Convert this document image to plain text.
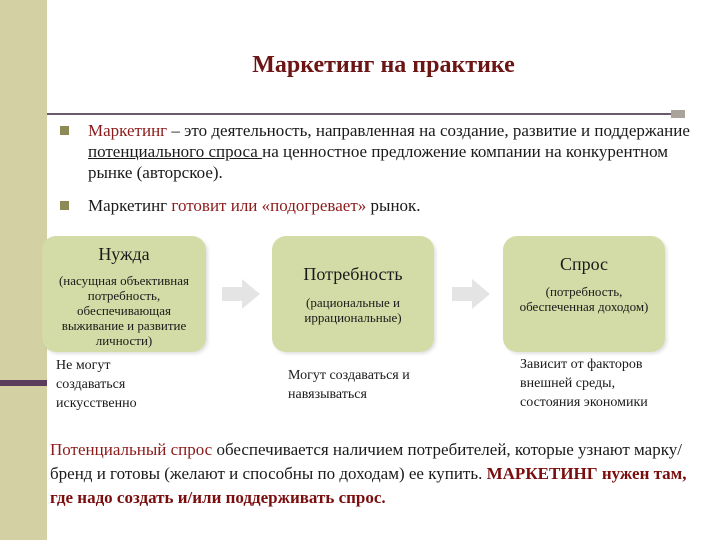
Маркетинг на практике
Маркетинг – это деятельность, направленная на создание, развитие и поддержание потенциального спроса на ценностное предложение компании на конкурентном рынке (авторское).
Маркетинг готовит или «подогревает» рынок.
Нужда
(насущная объективная потребность, обеспечивающая выживание и развитие личности)
Потребность
(рациональные и иррациональные)
Спрос
(потребность, обеспеченная доходом)
Не могут создаваться искусственно
Могут создаваться и навязываться
Зависит от факторов внешней среды, состояния экономики
Потенциальный спрос обеспечивается наличием потребителей, которые узнают марку/бренд и готовы (желают и способны по доходам) ее купить. МАРКЕТИНГ нужен там, где надо создать и/или поддерживать спрос.
